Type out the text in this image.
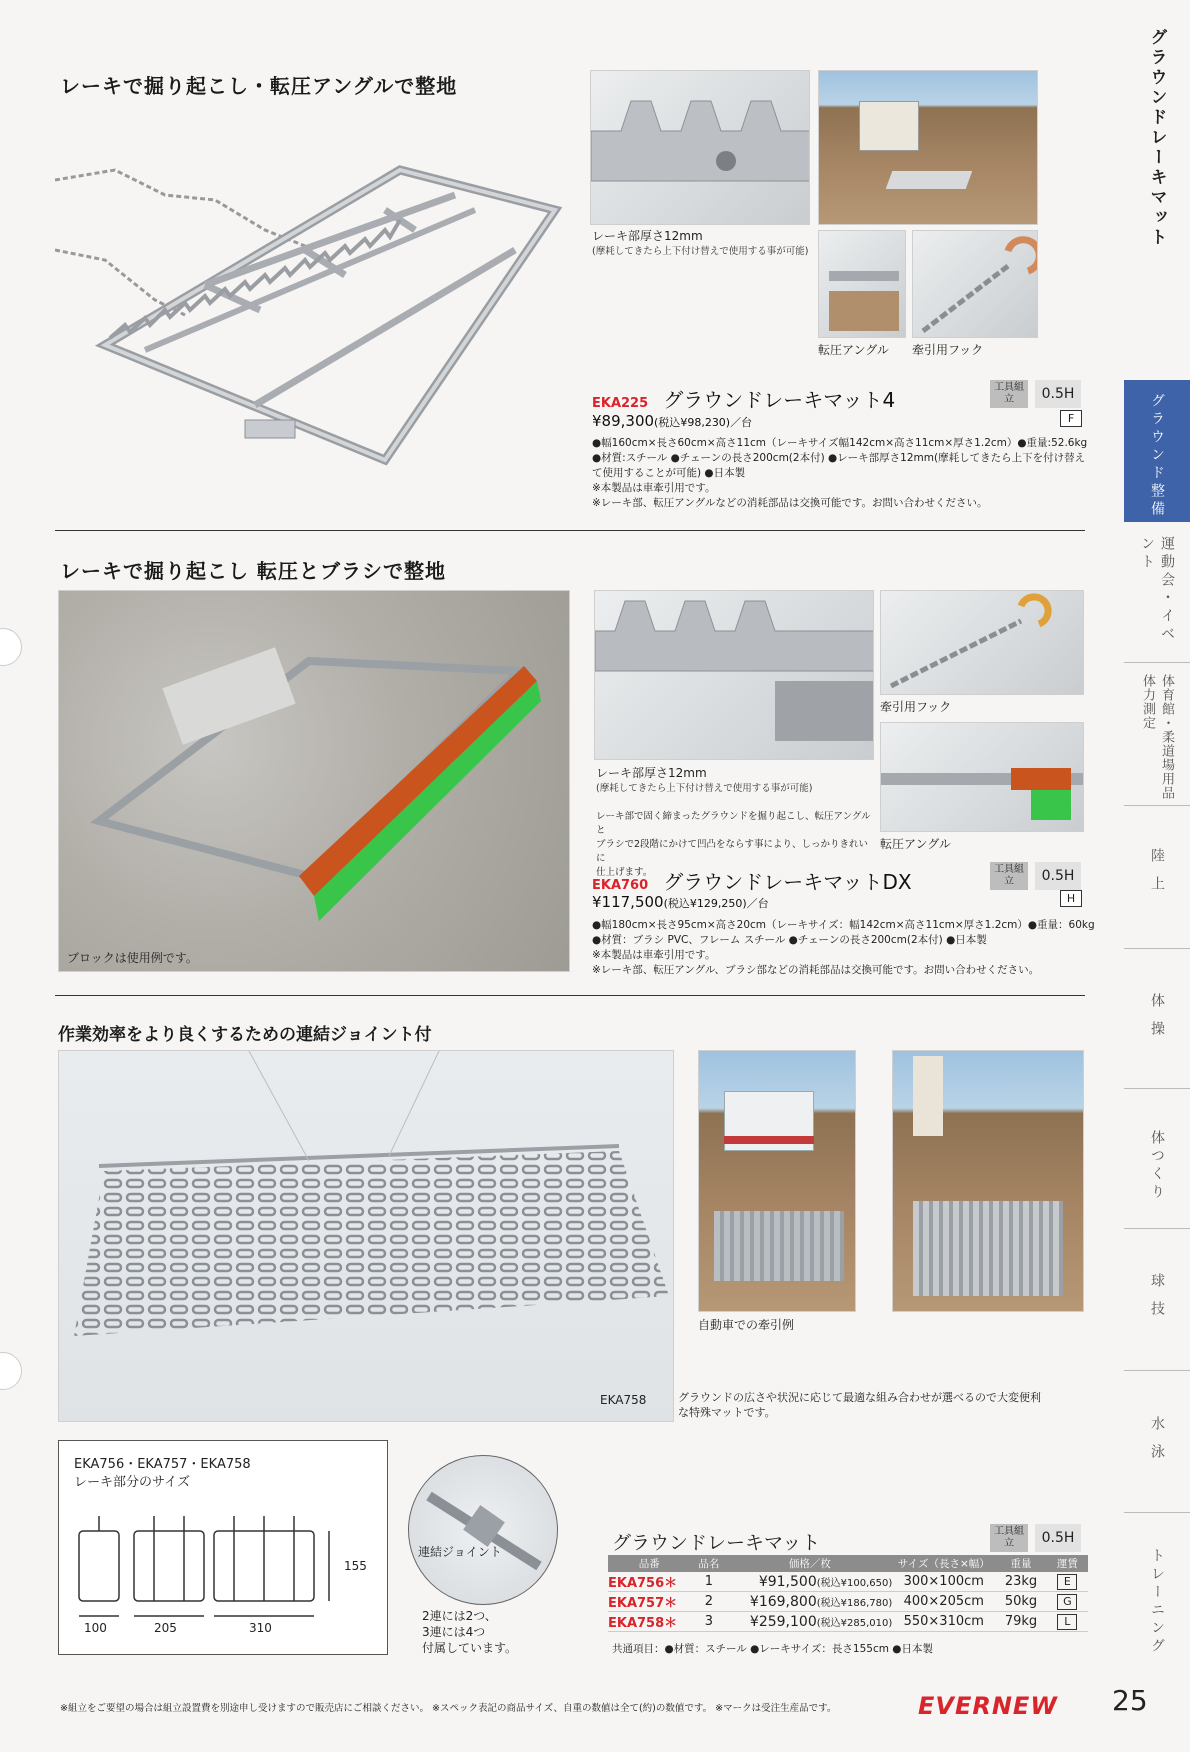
グラウンドレーキマット
グラウンド整備
運動会・イベント
体育館・柔道場用品 体力測定
陸上
体操
体つくり
球技
水泳
トレーニング
レーキで掘り起こし・転圧アングルで整地
レーキ部厚さ12mm
(摩耗してきたら上下付け替えで使用する事が可能)
転圧アングル 牽引用フック
EKA225 グラウンドレーキマット4
工具組立	0.5H
¥89,300(税込¥98,230)／台	F
●幅160cm×長さ60cm×高さ11cm（レーキサイズ幅142cm×高さ11cm×厚さ1.2cm）●重量:52.6kg
●材質:スチール ●チェーンの長さ200cm(2本付) ●レーキ部厚さ12mm(摩耗してきたら上下を付け替え
て使用することが可能) ●日本製
※本製品は車牽引用です。
※レーキ部、転圧アングルなどの消耗部品は交換可能です。お問い合わせください。
レーキで掘り起こし 転圧とブラシで整地
ブロックは使用例です。
レーキ部厚さ12mm
(摩耗してきたら上下付け替えで使用する事が可能)
レーキ部で固く締まったグラウンドを掘り起こし、転圧アングルと
ブラシで2段階にかけて凹凸をならす事により、しっかりきれいに
仕上げます。
牽引用フック
転圧アングル
EKA760 グラウンドレーキマットDX
工具組立	0.5H
¥117,500(税込¥129,250)／台	H
●幅180cm×長さ95cm×高さ20cm（レーキサイズ：幅142cm×高さ11cm×厚さ1.2cm）●重量：60kg
●材質：ブラシ PVC、フレーム スチール ●チェーンの長さ200cm(2本付) ●日本製
※本製品は車牽引用です。
※レーキ部、転圧アングル、ブラシ部などの消耗部品は交換可能です。お問い合わせください。
作業効率をより良くするための連結ジョイント付
EKA758
自動車での牽引例
グラウンドの広さや状況に応じて最適な組み合わせが選べるので大変便利
な特殊マットです。
EKA756・EKA757・EKA758
レーキ部分のサイズ
100	205	310
155
連結ジョイント
2連には2つ、
3連には4つ
付属しています。
グラウンドレーキマット
工具組立	0.5H
品番	品名	価格／枚	サイズ（長さ×幅）	重量	運賃
EKA756＊	1	¥91,500(税込¥100,650)	300×100cm	23kg	E
EKA757＊	2	¥169,800(税込¥186,780)	400×205cm	50kg	G
EKA758＊	3	¥259,100(税込¥285,010)	550×310cm	79kg	L
共通項目：●材質：スチール ●レーキサイズ：長さ155cm ●日本製
※組立をご要望の場合は組立設置費を別途申し受けますので販売店にご相談ください。 ※スペック表記の商品サイズ、自重の数値は全て(約)の数値です。 ※マークは受注生産品です。	EVERNEW 25
